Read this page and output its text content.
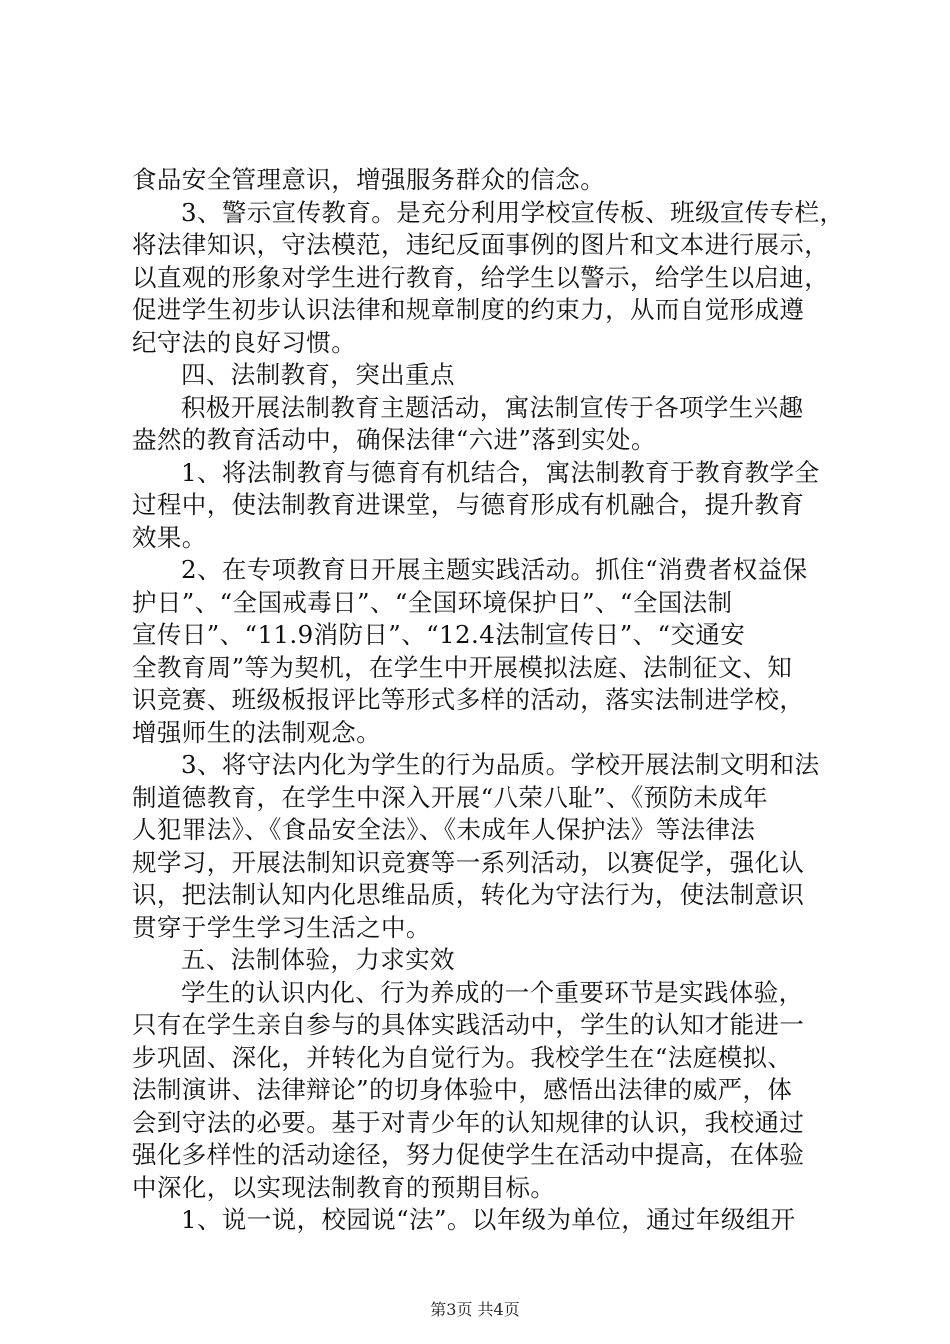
食品安全管理意识，增强服务群众的信念。
3、警示宣传教育。是充分利用学校宣传板、班级宣传专栏，
将法律知识，守法模范，违纪反面事例的图片和文本进行展示，
以直观的形象对学生进行教育，给学生以警示，给学生以启迪，
促进学生初步认识法律和规章制度的约束力，从而自觉形成遵
纪守法的良好习惯。
四、法制教育，突出重点
积极开展法制教育主题活动，寓法制宣传于各项学生兴趣
盎然的教育活动中，确保法律“六进”落到实处。
1、将法制教育与德育有机结合，寓法制教育于教育教学全
过程中，使法制教育进课堂，与德育形成有机融合，提升教育
效果。
2、在专项教育日开展主题实践活动。抓住“消费者权益保
护日”、“全国戒毒日”、“全国环境保护日”、“全国法制
宣传日”、“11.9消防日”、“12.4法制宣传日”、“交通安
全教育周”等为契机，在学生中开展模拟法庭、法制征文、知
识竞赛、班级板报评比等形式多样的活动，落实法制进学校，
增强师生的法制观念。
3、将守法内化为学生的行为品质。学校开展法制文明和法
制道德教育，在学生中深入开展“八荣八耻”、《预防未成年
人犯罪法》、《食品安全法》、《未成年人保护法》等法律法
规学习，开展法制知识竞赛等一系列活动，以赛促学，强化认
识，把法制认知内化思维品质，转化为守法行为，使法制意识
贯穿于学生学习生活之中。
五、法制体验，力求实效
学生的认识内化、行为养成的一个重要环节是实践体验，
只有在学生亲自参与的具体实践活动中，学生的认知才能进一
步巩固、深化，并转化为自觉行为。我校学生在“法庭模拟、
法制演讲、法律辩论”的切身体验中，感悟出法律的威严，体
会到守法的必要。基于对青少年的认知规律的认识，我校通过
强化多样性的活动途径，努力促使学生在活动中提高，在体验
中深化，以实现法制教育的预期目标。
1、说一说，校园说“法”。以年级为单位，通过年级组开
第3页 共4页
